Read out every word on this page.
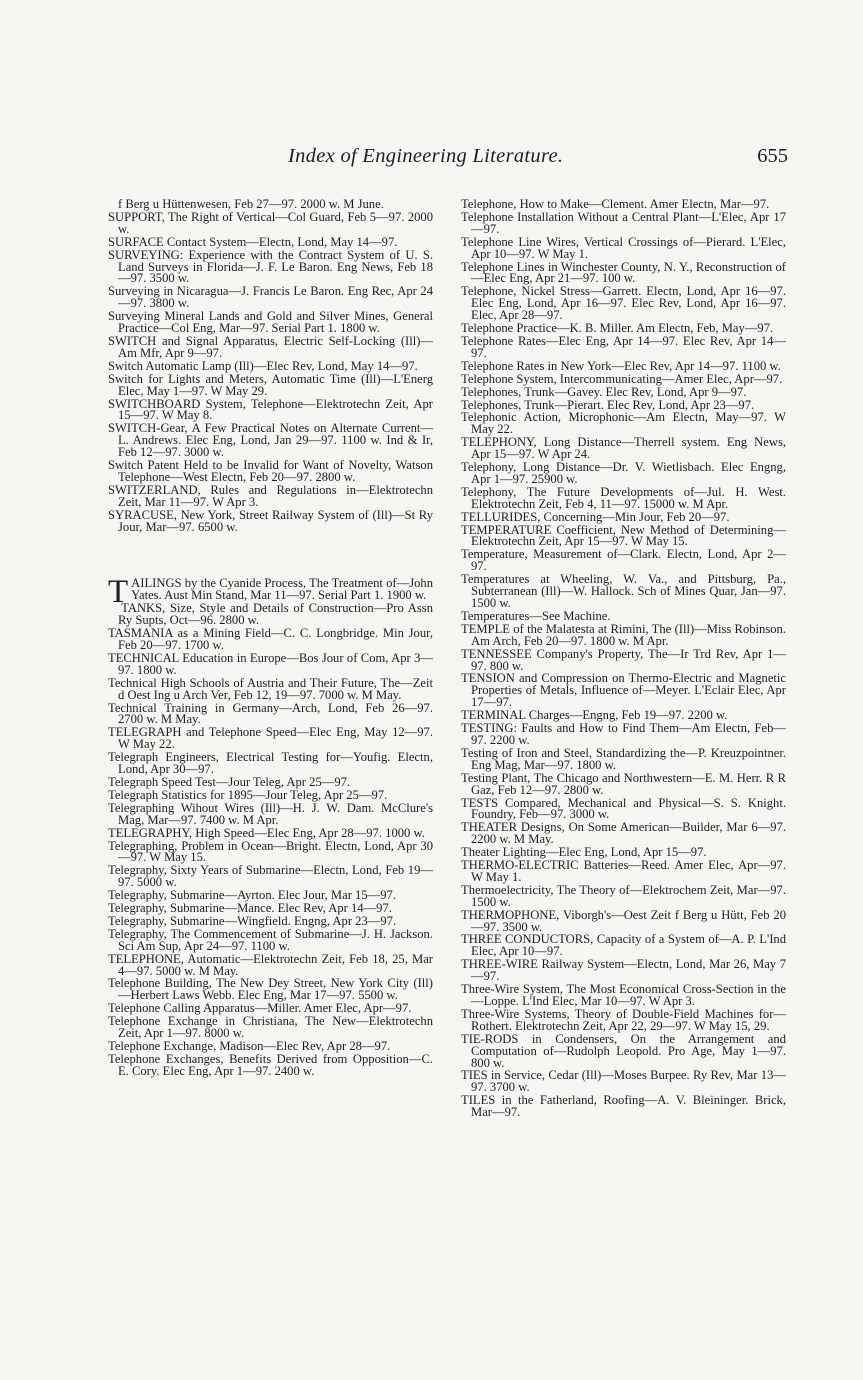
Index of Engineering Literature.	655

f Berg u Hüttenwesen, Feb 27—97. 2000 w. M June.

SUPPORT, The Right of Vertical—Col Guard, Feb 5—97. 2000 w.

SURFACE Contact System—Electn, Lond, May 14—97.

SURVEYING: Experience with the Contract System of U. S. Land Surveys in Florida—J. F. Le Baron. Eng News, Feb 18—97. 3500 w.

Surveying in Nicaragua—J. Francis Le Baron. Eng Rec, Apr 24—97. 3800 w.

Surveying Mineral Lands and Gold and Silver Mines, General Practice—Col Eng, Mar—97. Serial Part 1. 1800 w.

SWITCH and Signal Apparatus, Electric Self-Locking (Ill)—Am Mfr, Apr 9—97.

Switch Automatic Lamp (Ill)—Elec Rev, Lond, May 14—97.

Switch for Lights and Meters, Automatic Time (Ill)—L'Energ Elec, May 1—97. W May 29.

SWITCHBOARD System, Telephone—Elektrotechn Zeit, Apr 15—97. W May 8.

SWITCH-Gear, A Few Practical Notes on Alternate Current—L. Andrews. Elec Eng, Lond, Jan 29—97. 1100 w. Ind & Ir, Feb 12—97. 3000 w.

Switch Patent Held to be Invalid for Want of Novelty, Watson Telephone—West Electn, Feb 20—97. 2800 w.

SWITZERLAND, Rules and Regulations in—Elektrotechn Zeit, Mar 11—97. W Apr 3.

SYRACUSE, New York, Street Railway System of (Ill)—St Ry Jour, Mar—97. 6500 w.

TAILINGS by the Cyanide Process, The Treatment of—John Yates. Aust Min Stand, Mar 11—97. Serial Part 1. 1900 w.

TANKS, Size, Style and Details of Construction—Pro Assn Ry Supts, Oct—96. 2800 w.

TASMANIA as a Mining Field—C. C. Longbridge. Min Jour, Feb 20—97. 1700 w.

TECHNICAL Education in Europe—Bos Jour of Com, Apr 3—97. 1800 w.

Technical High Schools of Austria and Their Future, The—Zeit d Oest Ing u Arch Ver, Feb 12, 19—97. 7000 w. M May.

Technical Training in Germany—Arch, Lond, Feb 26—97. 2700 w. M May.

TELEGRAPH and Telephone Speed—Elec Eng, May 12—97. W May 22.

Telegraph Engineers, Electrical Testing for—Youfig. Electn, Lond, Apr 30—97.

Telegraph Speed Test—Jour Teleg, Apr 25—97.

Telegraph Statistics for 1895—Jour Teleg, Apr 25—97.

Telegraphing Wihout Wires (Ill)—H. J. W. Dam. McClure's Mag, Mar—97. 7400 w. M Apr.

TELEGRAPHY, High Speed—Elec Eng, Apr 28—97. 1000 w.

Telegraphing, Problem in Ocean—Bright. Electn, Lond, Apr 30—97. W May 15.

Telegraphy, Sixty Years of Submarine—Electn, Lond, Feb 19—97. 5000 w.

Telegraphy, Submarine—Ayrton. Elec Jour, Mar 15—97.

Telegraphy, Submarine—Mance. Elec Rev, Apr 14—97.

Telegraphy, Submarine—Wingfield. Engng, Apr 23—97.

Telegraphy, The Commencement of Submarine—J. H. Jackson. Sci Am Sup, Apr 24—97. 1100 w.

TELEPHONE, Automatic—Elektrotechn Zeit, Feb 18, 25, Mar 4—97. 5000 w. M May.

Telephone Building, The New Dey Street, New York City (Ill)—Herbert Laws Webb. Elec Eng, Mar 17—97. 5500 w.

Telephone Calling Apparatus—Miller. Amer Elec, Apr—97.

Telephone Exchange in Christiana, The New—Elektrotechn Zeit, Apr 1—97. 8000 w.

Telephone Exchange, Madison—Elec Rev, Apr 28—97.

Telephone Exchanges, Benefits Derived from Opposition—C. E. Cory. Elec Eng, Apr 1—97. 2400 w.

Telephone, How to Make—Clement. Amer Electn, Mar—97.

Telephone Installation Without a Central Plant—L'Elec, Apr 17—97.

Telephone Line Wires, Vertical Crossings of—Pierard. L'Elec, Apr 10—97. W May 1.

Telephone Lines in Winchester County, N. Y., Reconstruction of—Elec Eng, Apr 21—97. 100 w.

Telephone, Nickel Stress—Garrett. Electn, Lond, Apr 16—97. Elec Eng, Lond, Apr 16—97. Elec Rev, Lond, Apr 16—97. Elec, Apr 28—97.

Telephone Practice—K. B. Miller. Am Electn, Feb, May—97.

Telephone Rates—Elec Eng, Apr 14—97. Elec Rev, Apr 14—97.

Telephone Rates in New York—Elec Rev, Apr 14—97. 1100 w.

Telephone System, Intercommunicating—Amer Elec, Apr—97.

Telephones, Trunk—Gavey. Elec Rev, Lond, Apr 9—97.

Telephones, Trunk—Pierart. Elec Rev, Lond, Apr 23—97.

Telephonic Action, Microphonic—Am Electn, May—97. W May 22.

TELEPHONY, Long Distance—Therrell system. Eng News, Apr 15—97. W Apr 24.

Telephony, Long Distance—Dr. V. Wietlisbach. Elec Engng, Apr 1—97. 25900 w.

Telephony, The Future Developments of—Jul. H. West. Elektrotechn Zeit, Feb 4, 11—97. 15000 w. M Apr.

TELLURIDES, Concerning—Min Jour, Feb 20—97.

TEMPERATURE Coefficient, New Method of Determining—Elektrotechn Zeit, Apr 15—97. W May 15.

Temperature, Measurement of—Clark. Electn, Lond, Apr 2—97.

Temperatures at Wheeling, W. Va., and Pittsburg, Pa., Subterranean (Ill)—W. Hallock. Sch of Mines Quar, Jan—97. 1500 w.

Temperatures—See Machine.

TEMPLE of the Malatesta at Rimini, The (Ill)—Miss Robinson. Am Arch, Feb 20—97. 1800 w. M Apr.

TENNESSEE Company's Property, The—Ir Trd Rev, Apr 1—97. 800 w.

TENSION and Compression on Thermo-Electric and Magnetic Properties of Metals, Influence of—Meyer. L'Eclair Elec, Apr 17—97.

TERMINAL Charges—Engng, Feb 19—97. 2200 w.

TESTING: Faults and How to Find Them—Am Electn, Feb—97. 2200 w.

Testing of Iron and Steel, Standardizing the—P. Kreuzpointner. Eng Mag, Mar—97. 1800 w.

Testing Plant, The Chicago and Northwestern—E. M. Herr. R R Gaz, Feb 12—97. 2800 w.

TESTS Compared, Mechanical and Physical—S. S. Knight. Foundry, Feb—97. 3000 w.

THEATER Designs, On Some American—Builder, Mar 6—97. 2200 w. M May.

Theater Lighting—Elec Eng, Lond, Apr 15—97.

THERMO-ELECTRIC Batteries—Reed. Amer Elec, Apr—97. W May 1.

Thermoelectricity, The Theory of—Elektrochem Zeit, Mar—97. 1500 w.

THERMOPHONE, Viborgh's—Oest Zeit f Berg u Hütt, Feb 20—97. 3500 w.

THREE CONDUCTORS, Capacity of a System of—A. P. L'Ind Elec, Apr 10—97.

THREE-WIRE Railway System—Electn, Lond, Mar 26, May 7—97.

Three-Wire System, The Most Economical Cross-Section in the—Loppe. L'Ind Elec, Mar 10—97. W Apr 3.

Three-Wire Systems, Theory of Double-Field Machines for—Rothert. Elektrotechn Zeit, Apr 22, 29—97. W May 15, 29.

TIE-RODS in Condensers, On the Arrangement and Computation of—Rudolph Leopold. Pro Age, May 1—97. 800 w.

TIES in Service, Cedar (Ill)—Moses Burpee. Ry Rev, Mar 13—97. 3700 w.

TILES in the Fatherland, Roofing—A. V. Bleininger. Brick, Mar—97.
